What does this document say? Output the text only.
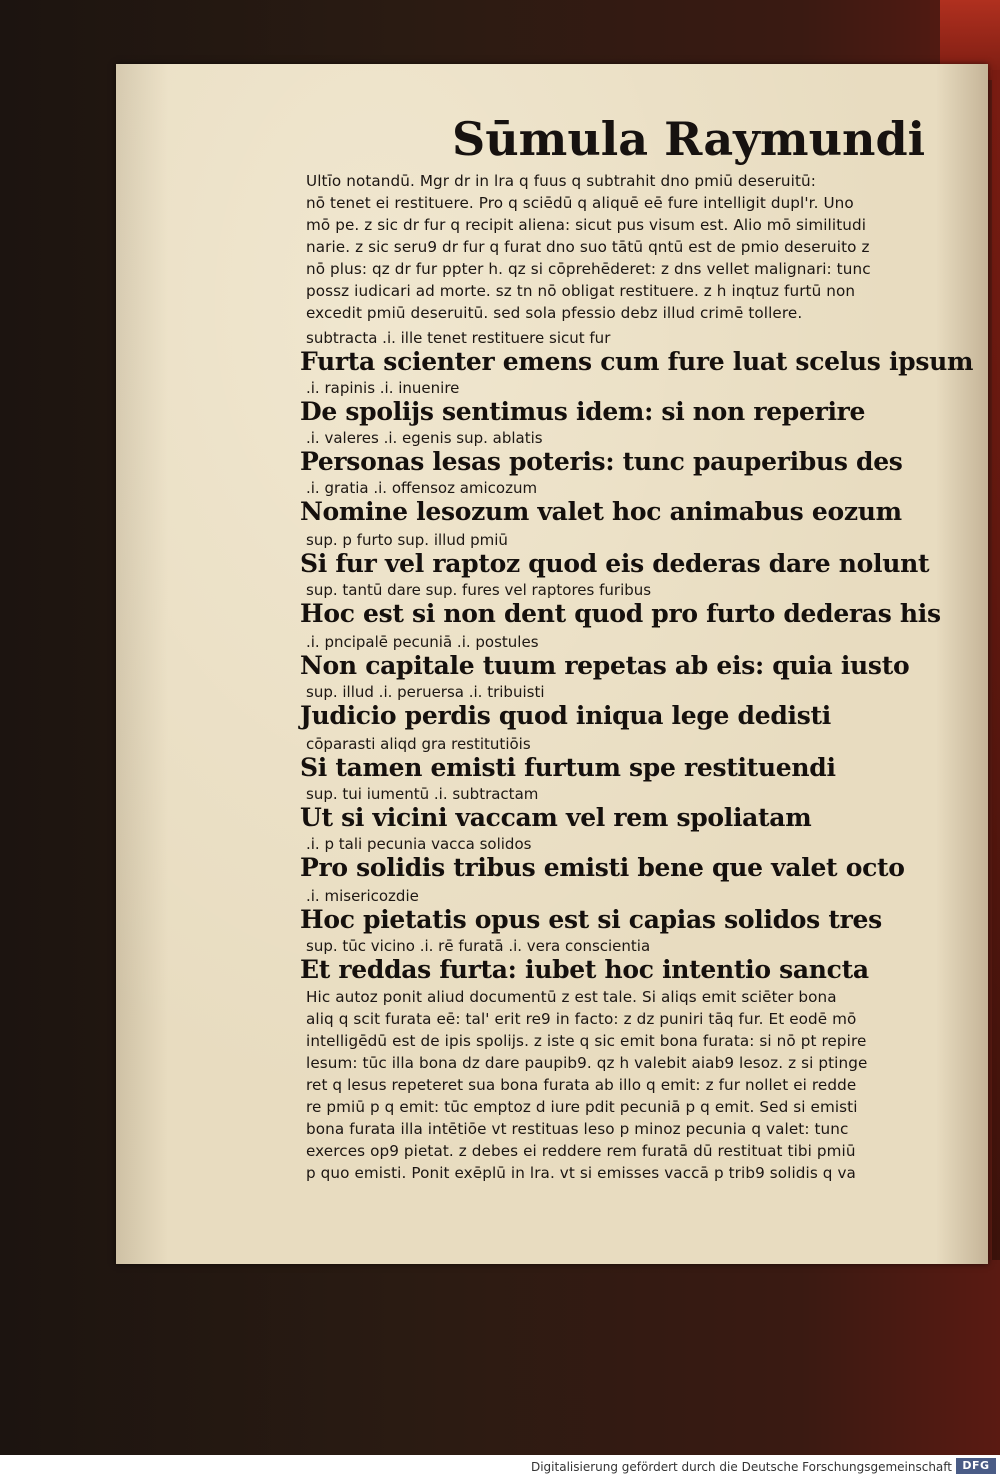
Sūmula Raymundi
Ultīo notandū. Mgr dr in lra q fuus q subtrahit dno pmiū deseruitū:
nō tenet ei restituere. Pro q sciēdū q aliquē eē fure intelligit dupl'r. Uno
mō pe. z sic dr fur q recipit aliena: sicut pus visum est. Alio mō similitudi
narie. z sic seru9 dr fur q furat dno suo tātū qntū est de pmio deseruito z
nō plus: qz dr fur ppter h. qz si cōprehēderet: z dns vellet malignari: tunc
possz iudicari ad morte. sz tn nō obligat restituere. z h inqtuz furtū non
excedit pmiū deseruitū. sed sola pfessio debz illud crimē tollere.
subtracta .i. ille tenet restituere sicut fur
Furta scienter emens cum fure luat scelus ipsum
.i. rapinis .i. inuenire
De spolijs sentimus idem: si non reperire
.i. valeres .i. egenis sup. ablatis
Personas lesas poteris: tunc pauperibus des
.i. gratia .i. offensoz amicozum
Nomine lesozum valet hoc animabus eozum
sup. p furto sup. illud pmiū
Si fur vel raptoz quod eis dederas dare nolunt
sup. tantū dare sup. fures vel raptores furibus
Hoc est si non dent quod pro furto dederas his
.i. pncipalē pecuniā .i. postules
Non capitale tuum repetas ab eis: quia iusto
sup. illud .i. peruersa .i. tribuisti
Judicio perdis quod iniqua lege dedisti
cōparasti aliqd gra restitutiōis
Si tamen emisti furtum spe restituendi
sup. tui iumentū .i. subtractam
Ut si vicini vaccam vel rem spoliatam
.i. p tali pecunia vacca solidos
Pro solidis tribus emisti bene que valet octo
.i. misericozdie
Hoc pietatis opus est si capias solidos tres
sup. tūc vicino .i. rē furatā .i. vera conscientia
Et reddas furta: iubet hoc intentio sancta
Hic autoz ponit aliud documentū z est tale. Si aliqs emit sciēter bona
aliq q scit furata eē: tal' erit re9 in facto: z dz puniri tāq fur. Et eodē mō
intelligēdū est de ipis spolijs. z iste q sic emit bona furata: si nō pt repire
lesum: tūc illa bona dz dare paupib9. qz h valebit aiab9 lesoz. z si ptinge
ret q lesus repeteret sua bona furata ab illo q emit: z fur nollet ei redde
re pmiū p q emit: tūc emptoz d iure pdit pecuniā p q emit. Sed si emisti
bona furata illa intētiōe vt restituas leso p minoz pecunia q valet: tunc
exerces op9 pietat. z debes ei reddere rem furatā dū restituat tibi pmiū
p quo emisti. Ponit exēplū in lra. vt si emisses vaccā p trib9 solidis q va
Digitalisierung gefördert durch die Deutsche Forschungsgemeinschaft DFG
